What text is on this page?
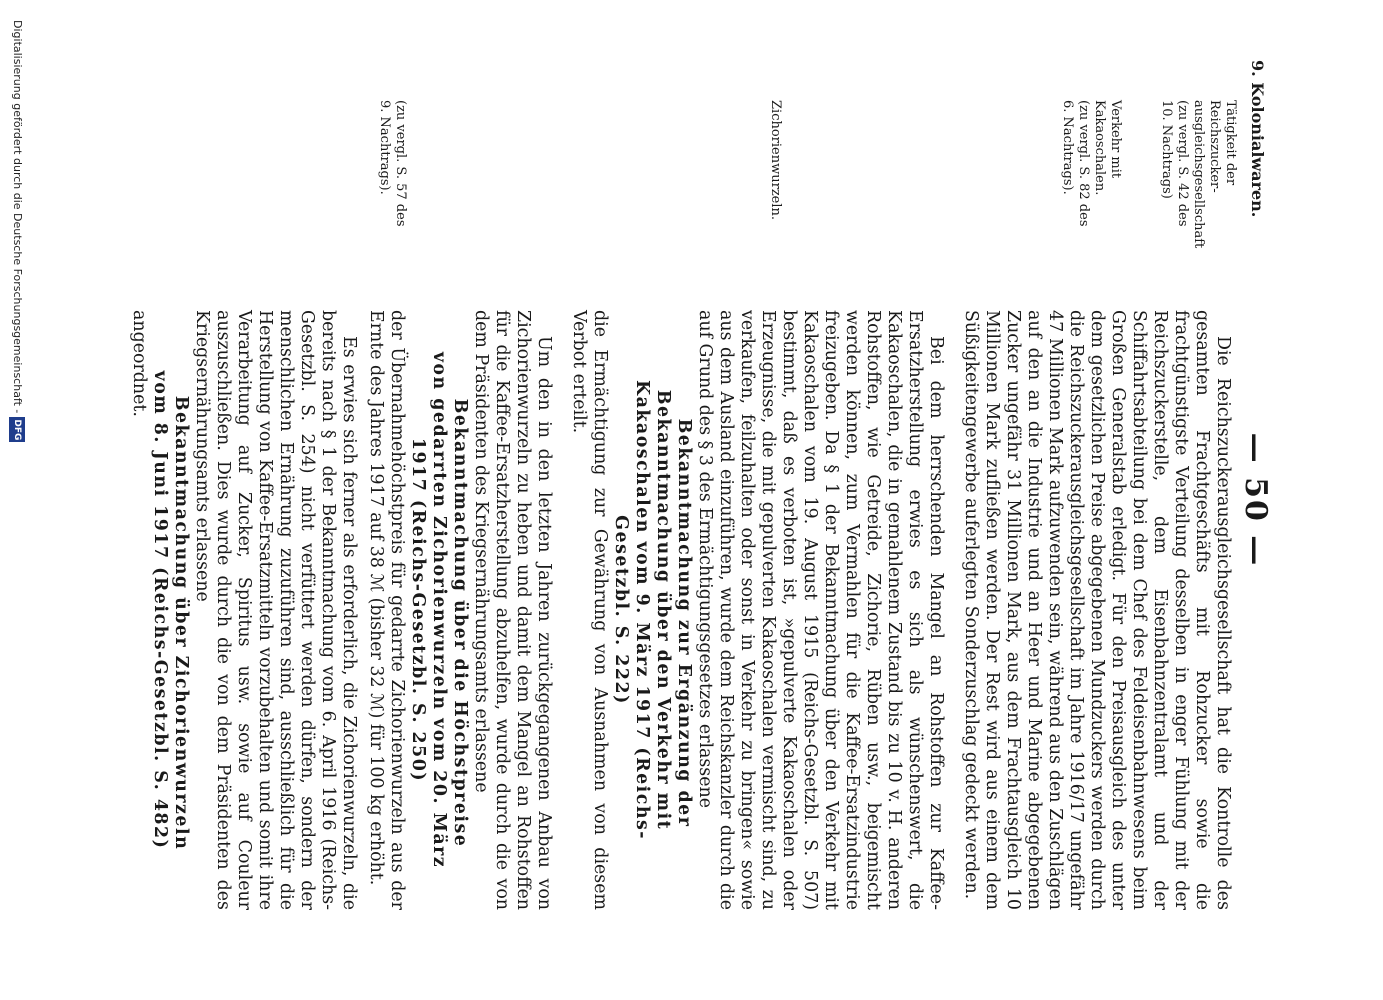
— 50 —
Tätigkeit der Reichszucker-
ausgleichsgesellschaft
(zu vergl. S. 42 des
10. Nachtrags)	9. Kolonialwaren.
Verkehr mit Kakaoschalen.
(zu vergl. S. 82 des
6. Nachtrags).
Zichorienwurzeln.
(zu vergl. S. 57 des
9. Nachtrags).

Die Reichszuckerausgleichsgesellschaft hat die Kontrolle des gesamten Frachtgeschäfts mit Rohzucker sowie die frachtgünstigste Verteilung desselben in enger Fühlung mit der Reichszuckerstelle, dem Eisenbahnzentralamt und der Schiffahrtsabteilung bei dem Chef des Feldeisenbahnwesens beim Großen Generalstab erledigt. Für den Preisausgleich des unter dem gesetzlichen Preise abgegebenen Mundzuckers werden durch die Reichszuckerausgleichsgesellschaft im Jahre 1916/17 ungefähr 47 Millionen Mark aufzuwenden sein, während aus den Zuschlägen auf den an die Industrie und an Heer und Marine abgegebenen Zucker ungefähr 31 Millionen Mark, aus dem Frachtausgleich 10 Millionen Mark zufließen werden. Der Rest wird aus einem dem Süßigkeitengewerbe auferlegten Sonderzuschlag gedeckt werden.

Bei dem herrschenden Mangel an Rohstoffen zur Kaffee-Ersatzherstellung erwies es sich als wünschenswert, die Kakaoschalen, die in gemahlenem Zustand bis zu 10 v. H. anderen Rohstoffen, wie Getreide, Zichorie, Rüben usw., beigemischt werden können, zum Vermahlen für die Kaffee-Ersatzindustrie freizugeben. Da § 1 der Bekanntmachung über den Verkehr mit Kakaoschalen vom 19. August 1915 (Reichs-Gesetzbl. S. 507) bestimmt, daß es verboten ist, »gepulverte Kakaoschalen oder Erzeugnisse, die mit gepulverten Kakaoschalen vermischt sind, zu verkaufen, feilzuhalten oder sonst in Verkehr zu bringen« sowie aus dem Ausland einzuführen, wurde dem Reichskanzler durch die auf Grund des § 3 des Ermächtigungsgesetzes erlassene

Bekanntmachung zur Ergänzung der Bekanntmachung über den Verkehr mit Kakaoschalen vom 9. März 1917 (Reichs-Gesetzbl. S. 222)

die Ermächtigung zur Gewährung von Ausnahmen von diesem Verbot erteilt.

Um den in den letzten Jahren zurückgegangenen Anbau von Zichorienwurzeln zu heben und damit dem Mangel an Rohstoffen für die Kaffee-Ersatzherstellung abzuhelfen, wurde durch die von dem Präsidenten des Kriegsernährungsamts erlassene

Bekanntmachung über die Höchstpreise von gedarrten Zichorienwurzeln vom 20. März 1917 (Reichs-Gesetzbl. S. 250)

der Übernahmehöchstpreis für gedarrte Zichorienwurzeln aus der Ernte des Jahres 1917 auf 38 ℳ (bisher 32 ℳ) für 100 kg erhöht.

Es erwies sich ferner als erforderlich, die Zichorienwurzeln, die bereits nach § 1 der Bekanntmachung vom 6. April 1916 (Reichs-Gesetzbl. S. 254) nicht verfüttert werden dürfen, sondern der menschlichen Ernährung zuzuführen sind, ausschließlich für die Herstellung von Kaffee-Ersatzmitteln vorzubehalten und somit ihre Verarbeitung auf Zucker, Spiritus usw. sowie auf Couleur auszuschließen. Dies wurde durch die von dem Präsidenten des Kriegsernährungsamts erlassene

Bekanntmachung über Zichorienwurzeln vom 8. Juni 1917 (Reichs-Gesetzbl. S. 482)

angeordnet.

Digitalisierung gefördert durch die Deutsche Forschungsgemeinschaft -DFG
